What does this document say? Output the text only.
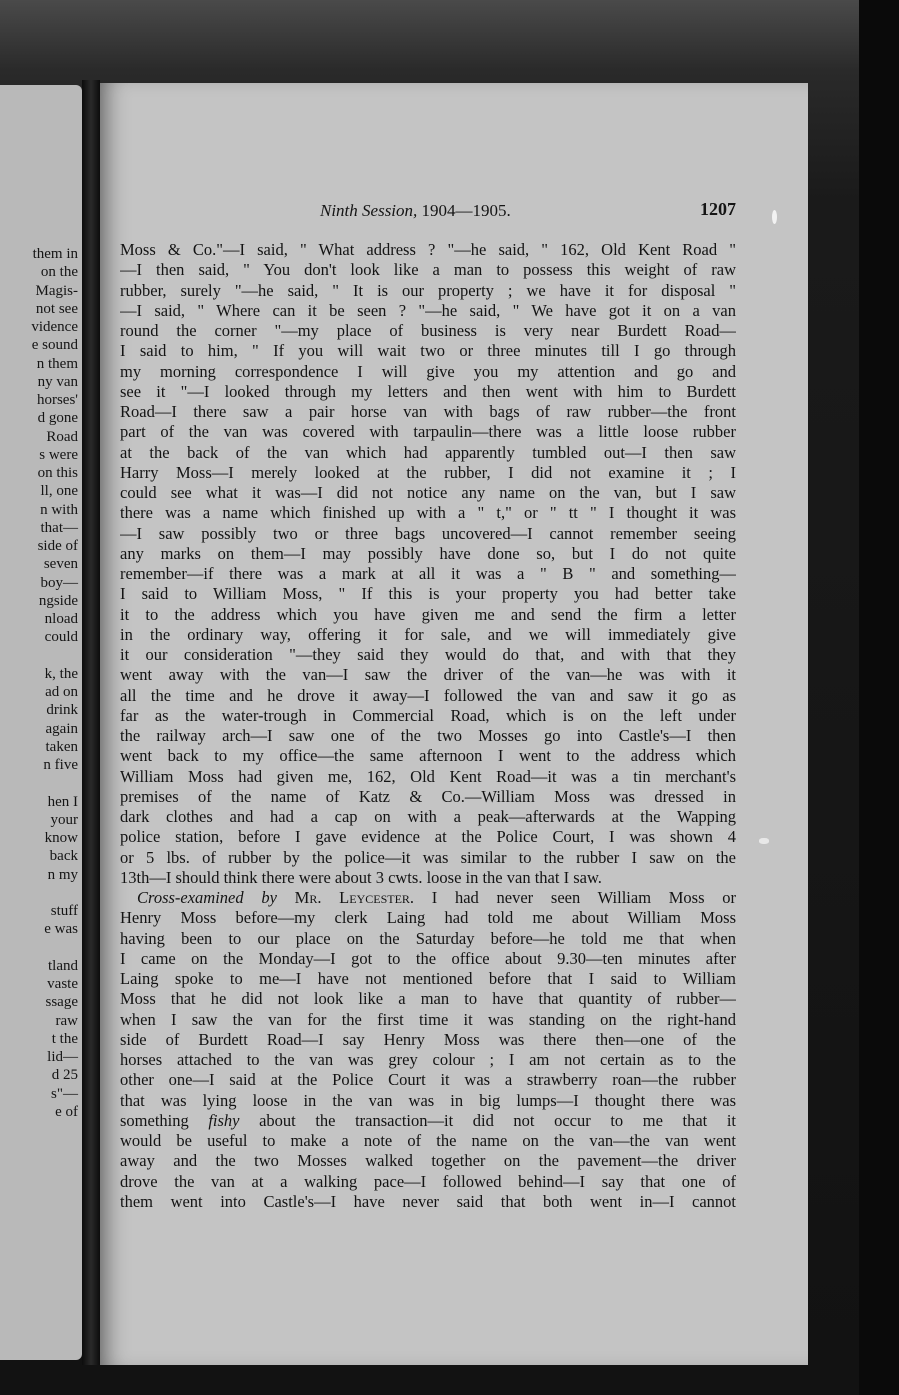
them in
on the
Magis-
not see
vidence
e sound
n them
ny van
horses'
d gone
Road
s were
on this
ll, one
n with
that—
side of
seven
boy—
ngside
nload
could
k, the
ad on
drink
again
taken
n five
hen I
your
know
back
n my
stuff
e was
tland
vaste
ssage
raw
t the
lid—
d 25
s"—
e of
Ninth Session, 1904—1905.	1207
Moss & Co."—I said, " What address ? "—he said, " 162, Old Kent Road "
—I then said, " You don't look like a man to possess this weight of raw
rubber, surely "—he said, " It is our property ; we have it for disposal "
—I said, " Where can it be seen ? "—he said, " We have got it on a van
round the corner "—my place of business is very near Burdett Road—
I said to him, " If you will wait two or three minutes till I go through
my morning correspondence I will give you my attention and go and
see it "—I looked through my letters and then went with him to Burdett
Road—I there saw a pair horse van with bags of raw rubber—the front
part of the van was covered with tarpaulin—there was a little loose rubber
at the back of the van which had apparently tumbled out—I then saw
Harry Moss—I merely looked at the rubber, I did not examine it ; I
could see what it was—I did not notice any name on the van, but I saw
there was a name which finished up with a " t," or " tt " I thought it was
—I saw possibly two or three bags uncovered—I cannot remember seeing
any marks on them—I may possibly have done so, but I do not quite
remember—if there was a mark at all it was a " B " and something—
I said to William Moss, " If this is your property you had better take
it to the address which you have given me and send the firm a letter
in the ordinary way, offering it for sale, and we will immediately give
it our consideration "—they said they would do that, and with that they
went away with the van—I saw the driver of the van—he was with it
all the time and he drove it away—I followed the van and saw it go as
far as the water-trough in Commercial Road, which is on the left under
the railway arch—I saw one of the two Mosses go into Castle's—I then
went back to my office—the same afternoon I went to the address which
William Moss had given me, 162, Old Kent Road—it was a tin merchant's
premises of the name of Katz & Co.—William Moss was dressed in
dark clothes and had a cap on with a peak—afterwards at the Wapping
police station, before I gave evidence at the Police Court, I was shown 4
or 5 lbs. of rubber by the police—it was similar to the rubber I saw on the
13th—I should think there were about 3 cwts. loose in the van that I saw.
Cross-examined by Mr. Leycester. I had never seen William Moss or
Henry Moss before—my clerk Laing had told me about William Moss
having been to our place on the Saturday before—he told me that when
I came on the Monday—I got to the office about 9.30—ten minutes after
Laing spoke to me—I have not mentioned before that I said to William
Moss that he did not look like a man to have that quantity of rubber—
when I saw the van for the first time it was standing on the right-hand
side of Burdett Road—I say Henry Moss was there then—one of the
horses attached to the van was grey colour ; I am not certain as to the
other one—I said at the Police Court it was a strawberry roan—the rubber
that was lying loose in the van was in big lumps—I thought there was
something fishy about the transaction—it did not occur to me that it
would be useful to make a note of the name on the van—the van went
away and the two Mosses walked together on the pavement—the driver
drove the van at a walking pace—I followed behind—I say that one of
them went into Castle's—I have never said that both went in—I cannot
